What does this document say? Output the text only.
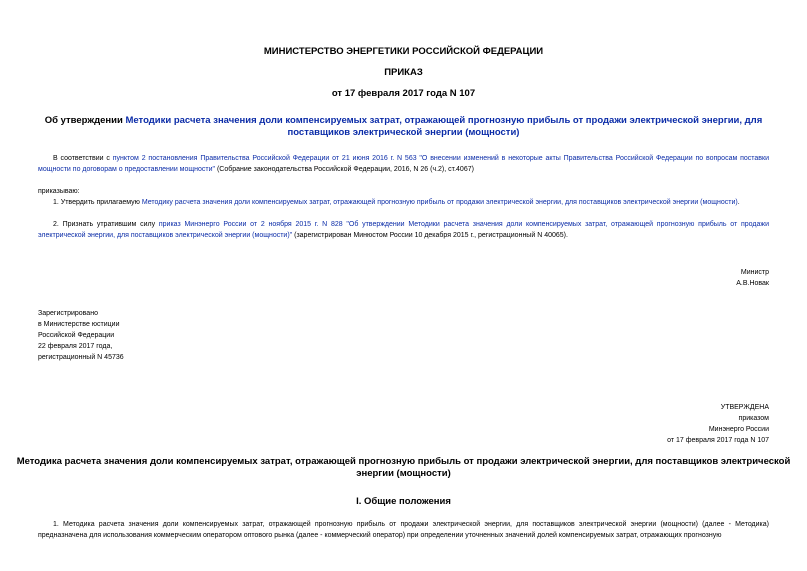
МИНИСТЕРСТВО ЭНЕРГЕТИКИ РОССИЙСКОЙ ФЕДЕРАЦИИ
ПРИКАЗ
от 17 февраля 2017 года N 107
Об утверждении Методики расчета значения доли компенсируемых затрат, отражающей прогнозную прибыль от продажи электрической энергии, для
поставщиков электрической энергии (мощности)
В соответствии с пунктом 2 постановления Правительства Российской Федерации от 21 июня 2016 г. N 563 "О внесении изменений в некоторые акты Правительства Российской Федерации по вопросам поставки мощности по договорам о предоставлении мощности" (Собрание законодательства Российской Федерации, 2016, N 26 (ч.2), ст.4067)
приказываю:
1. Утвердить прилагаемую Методику расчета значения доли компенсируемых затрат, отражающей прогнозную прибыль от продажи электрической энергии, для поставщиков электрической энергии (мощности).
2. Признать утратившим силу приказ Минэнерго России от 2 ноября 2015 г. N 828 "Об утверждении Методики расчета значения доли компенсируемых затрат, отражающей прогнозную прибыль от продажи электрической энергии, для поставщиков электрической энергии (мощности)" (зарегистрирован Минюстом России 10 декабря 2015 г., регистрационный N 40065).
Министр
А.В.Новак
Зарегистрировано
в Министерстве юстиции
Российской Федерации
22 февраля 2017 года,
регистрационный N 45736
УТВЕРЖДЕНА
приказом
Минэнерго России
от 17 февраля 2017 года N 107
Методика расчета значения доли компенсируемых затрат, отражающей прогнозную прибыль от продажи электрической энергии, для поставщиков электрической
энергии (мощности)
I. Общие положения
1. Методика расчета значения доли компенсируемых затрат, отражающей прогнозную прибыль от продажи электрической энергии, для поставщиков электрической энергии (мощности) (далее - Методика) предназначена для использования коммерческим оператором оптового рынка (далее - коммерческий оператор) при определении уточненных значений долей компенсируемых затрат, отражающих прогнозную
